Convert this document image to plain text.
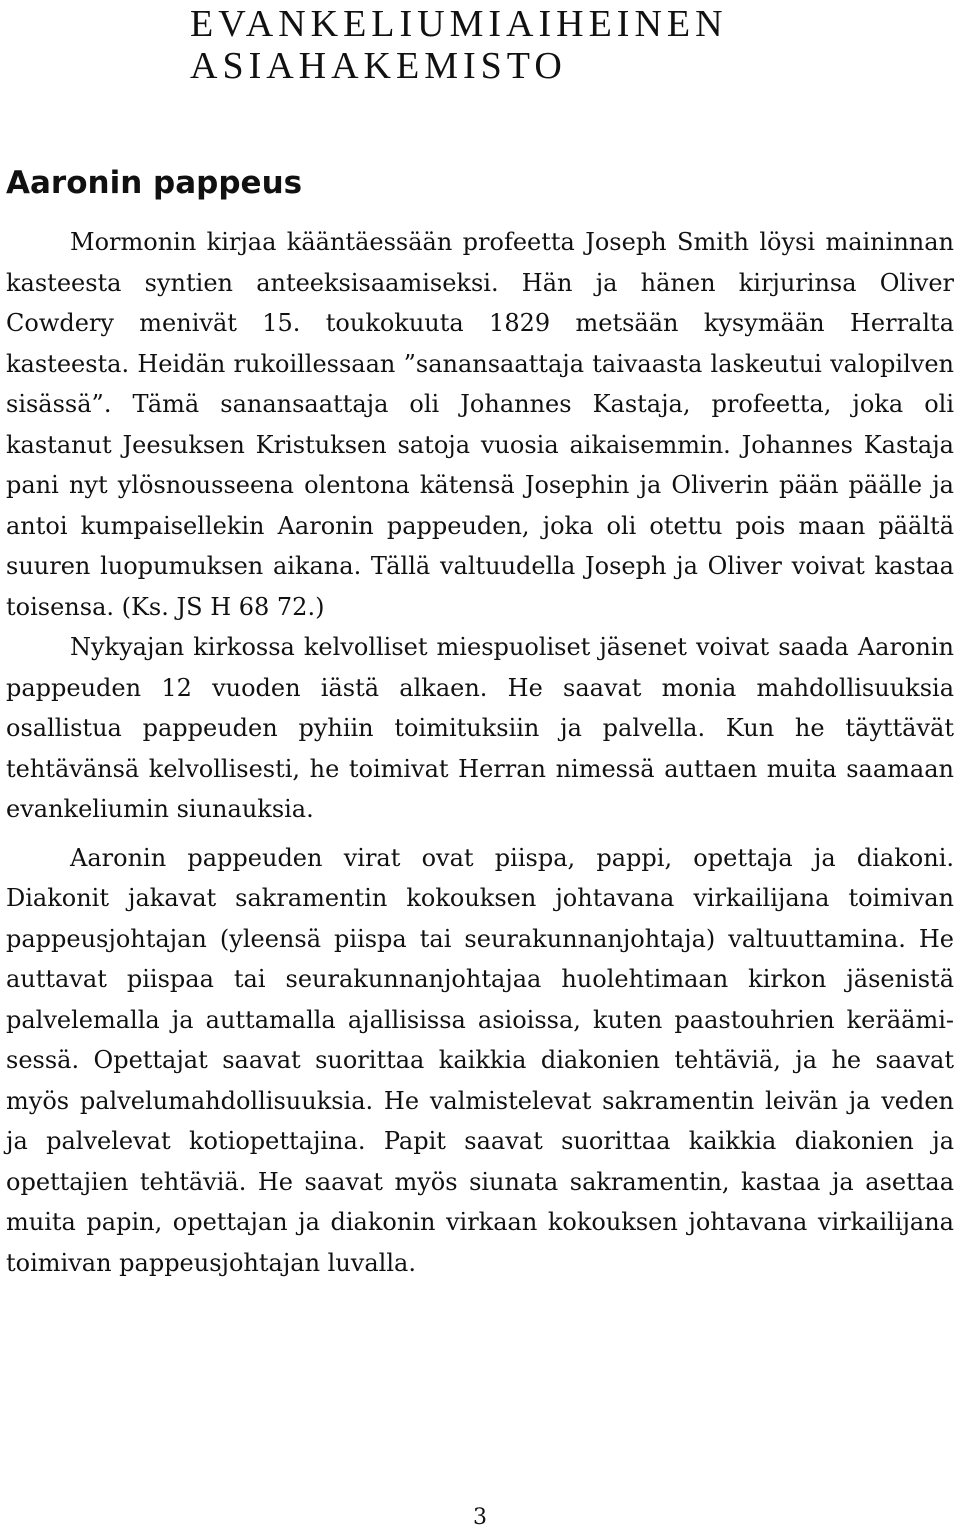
EVANKELIUMIAIHEINEN
ASIAHAKEMISTO
Aaronin pappeus

Mormonin kirjaa kääntäessään profeetta Joseph Smith löysi maininnan kasteesta syntien anteeksisaamiseksi. Hän ja hänen kirjurinsa Oliver Cowdery menivät 15. toukokuuta 1829 metsään kysymään Herralta kasteesta. Heidän rukoillessaan ”sanansaattaja taivaasta laskeutui valopilven sisässä”. Tämä sanansaattaja oli Johannes Kastaja, profeetta, joka oli kastanut Jeesuksen Kristuksen satoja vuosia aikaisemmin. Johannes Kastaja pani nyt ylösnousseena olentona kätensä Josephin ja Oliverin pään päälle ja antoi kumpaisellekin Aaronin pappeuden, joka oli otettu pois maan päältä suuren luopumuksen aikana. Tällä valtuudella Joseph ja Oliver voivat kastaa toisensa. (Ks. JS H 68 72.)

Nykyajan kirkossa kelvolliset miespuoliset jäsenet voivat saada Aaronin pappeuden 12 vuoden iästä alkaen. He saavat monia mahdollisuuksia osallistua pappeuden pyhiin toimituksiin ja palvella. Kun he täyttävät tehtävänsä kelvollisesti, he toimivat Herran nimessä auttaen muita saamaan evankeliumin siunauksia.

Aaronin pappeuden virat ovat piispa, pappi, opettaja ja diakoni. Diakonit jakavat sakramentin kokouksen johtavana virkailijana toimivan pappeusjohtajan (yleensä piispa tai seurakunnanjohtaja) valtuuttamina. He auttavat piispaa tai seurakunnanjohtajaa huolehtimaan kirkon jäsenistä palvelemalla ja auttamalla ajallisissa asioissa, kuten paastouhrien keräämisessä. Opettajat saavat suorittaa kaikkia diakonien tehtäviä, ja he saavat myös palvelumahdollisuuksia. He valmistelevat sakramentin leivän ja veden ja palvelevat kotiopettajina. Papit saavat suorittaa kaikkia diakonien ja opettajien tehtäviä. He saavat myös siunata sakramentin, kastaa ja asettaa muita papin, opettajan ja diakonin virkaan kokouksen johtavana virkailijana toimivan pappeusjohtajan luvalla.

3
